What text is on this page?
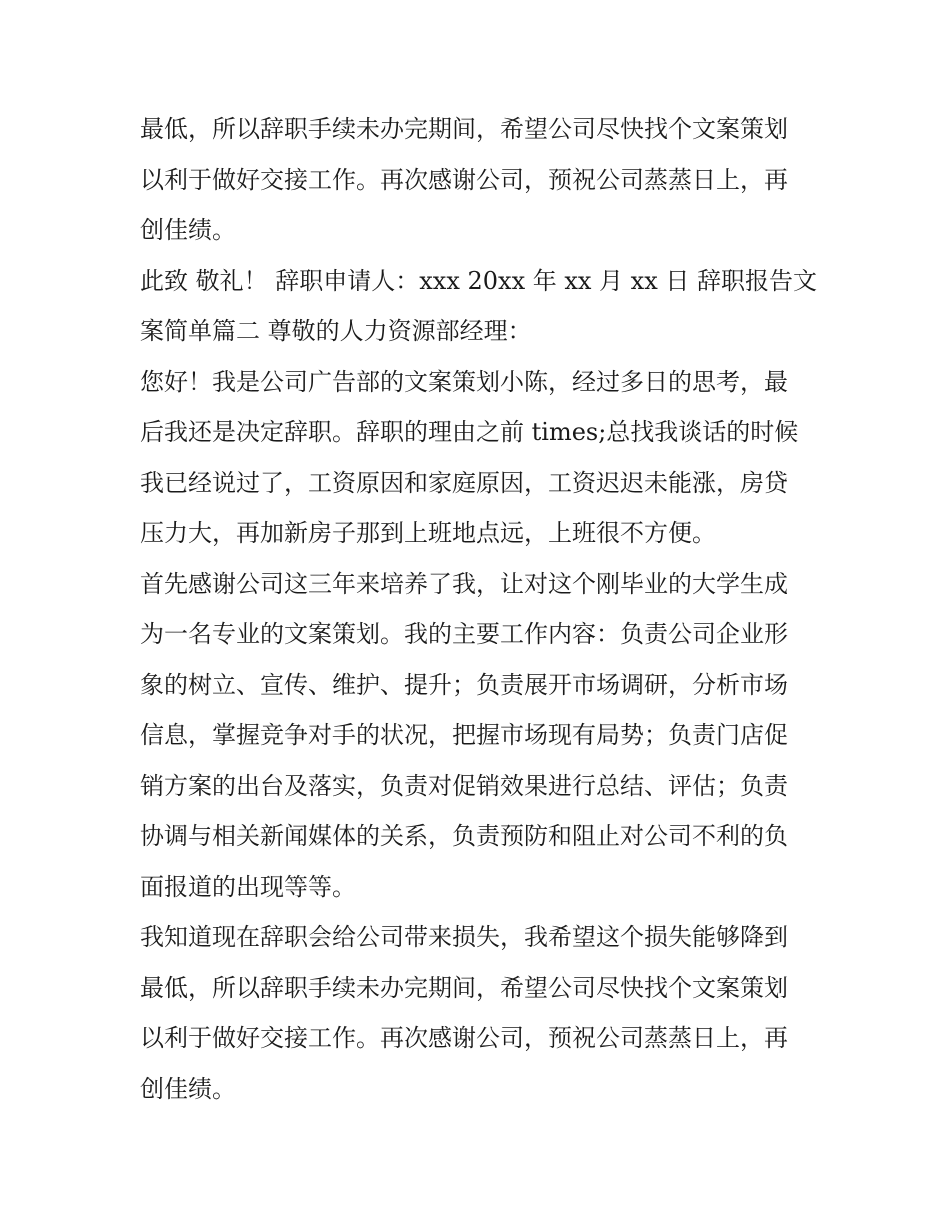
最低，所以辞职手续未办完期间，希望公司尽快找个文案策划
以利于做好交接工作。再次感谢公司，预祝公司蒸蒸日上，再
创佳绩。
此致 敬礼！ 辞职申请人：xxx 20xx 年 xx 月 xx 日 辞职报告文
案简单篇二 尊敬的人力资源部经理：
您好！我是公司广告部的文案策划小陈，经过多日的思考，最
后我还是决定辞职。辞职的理由之前 times;总找我谈话的时候
我已经说过了，工资原因和家庭原因，工资迟迟未能涨，房贷
压力大，再加新房子那到上班地点远，上班很不方便。
首先感谢公司这三年来培养了我，让对这个刚毕业的大学生成
为一名专业的文案策划。我的主要工作内容：负责公司企业形
象的树立、宣传、维护、提升；负责展开市场调研，分析市场
信息，掌握竞争对手的状况，把握市场现有局势；负责门店促
销方案的出台及落实，负责对促销效果进行总结、评估；负责
协调与相关新闻媒体的关系，负责预防和阻止对公司不利的负
面报道的出现等等。
我知道现在辞职会给公司带来损失，我希望这个损失能够降到
最低，所以辞职手续未办完期间，希望公司尽快找个文案策划
以利于做好交接工作。再次感谢公司，预祝公司蒸蒸日上，再
创佳绩。
